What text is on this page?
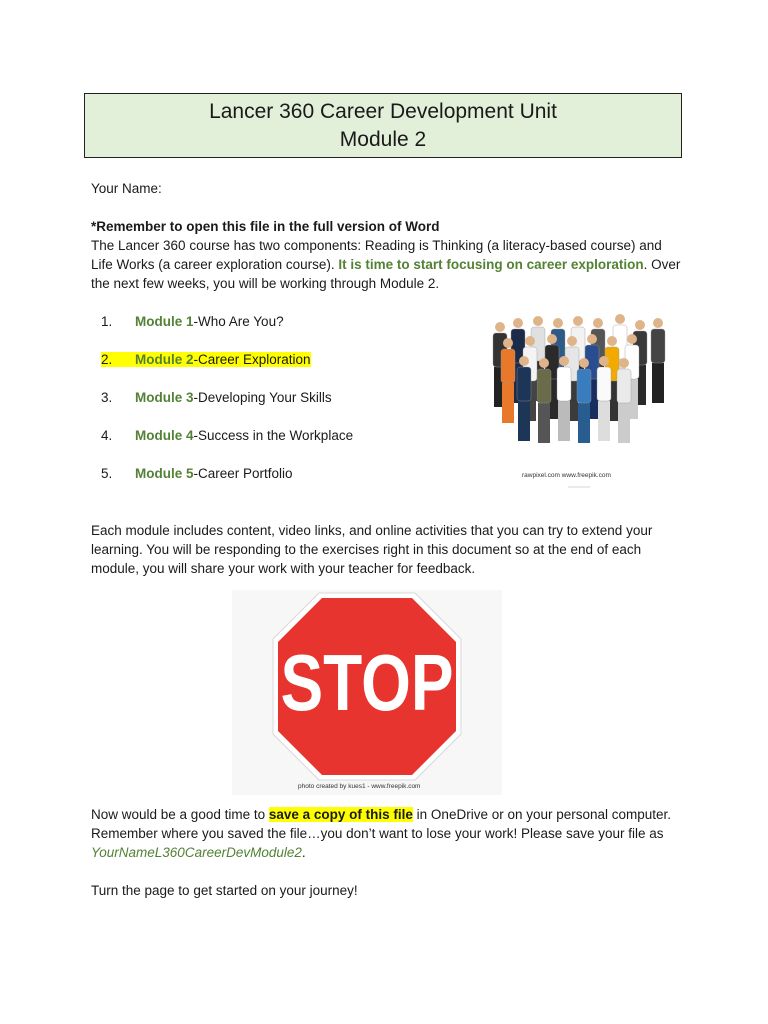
Lancer 360 Career Development Unit
Module 2
Your Name:
*Remember to open this file in the full version of Word
The Lancer 360 course has two components: Reading is Thinking (a literacy-based course) and Life Works (a career exploration course). It is time to start focusing on career exploration. Over the next few weeks, you will be working through Module 2.
1. Module 1-Who Are You?
2. Module 2-Career Exploration
3. Module 3-Developing Your Skills
4. Module 4-Success in the Workplace
5. Module 5-Career Portfolio	rawpixel.com www.freepik.com
Each module includes content, video links, and online activities that you can try to extend your learning. You will be responding to the exercises right in this document so at the end of each module, you will share your work with your teacher for feedback.
STOP
photo created by kues1 - www.freepik.com
Now would be a good time to save a copy of this file in OneDrive or on your personal computer. Remember where you saved the file…you don’t want to lose your work! Please save your file as YourNameL360CareerDevModule2.
Turn the page to get started on your journey!
